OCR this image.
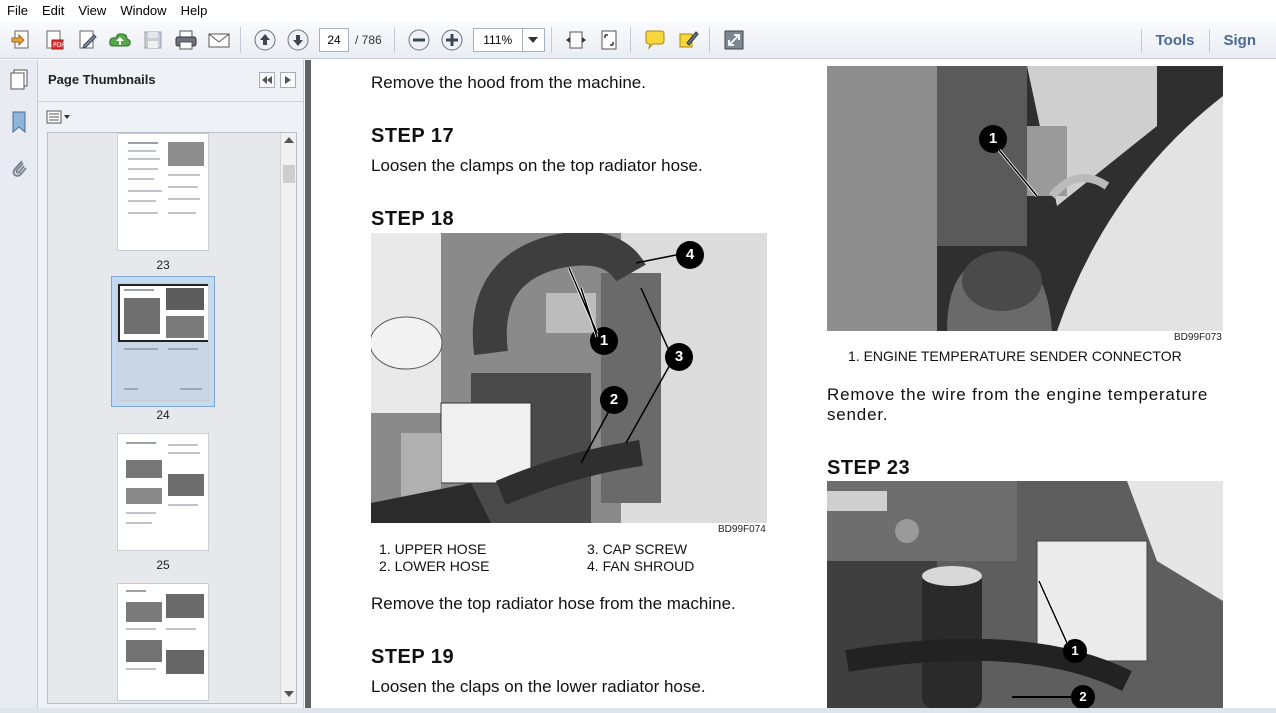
File	Edit	View	Window	Help
PDF	24	/ 786	111%	Tools	Sign
Page Thumbnails
23
24
25
Remove the hood from the machine.
STEP 17
Loosen the clamps on the top radiator hose.
STEP 18
1
2
3
4
BD99F074
1. UPPER HOSE
2. LOWER HOSE
3. CAP SCREW
4. FAN SHROUD
Remove the top radiator hose from the machine.
STEP 19
Loosen the claps on the lower radiator hose.
1
BD99F073
1. ENGINE TEMPERATURE SENDER CONNECTOR
Remove the wire from the engine temperature
sender.
STEP 23
1
2
